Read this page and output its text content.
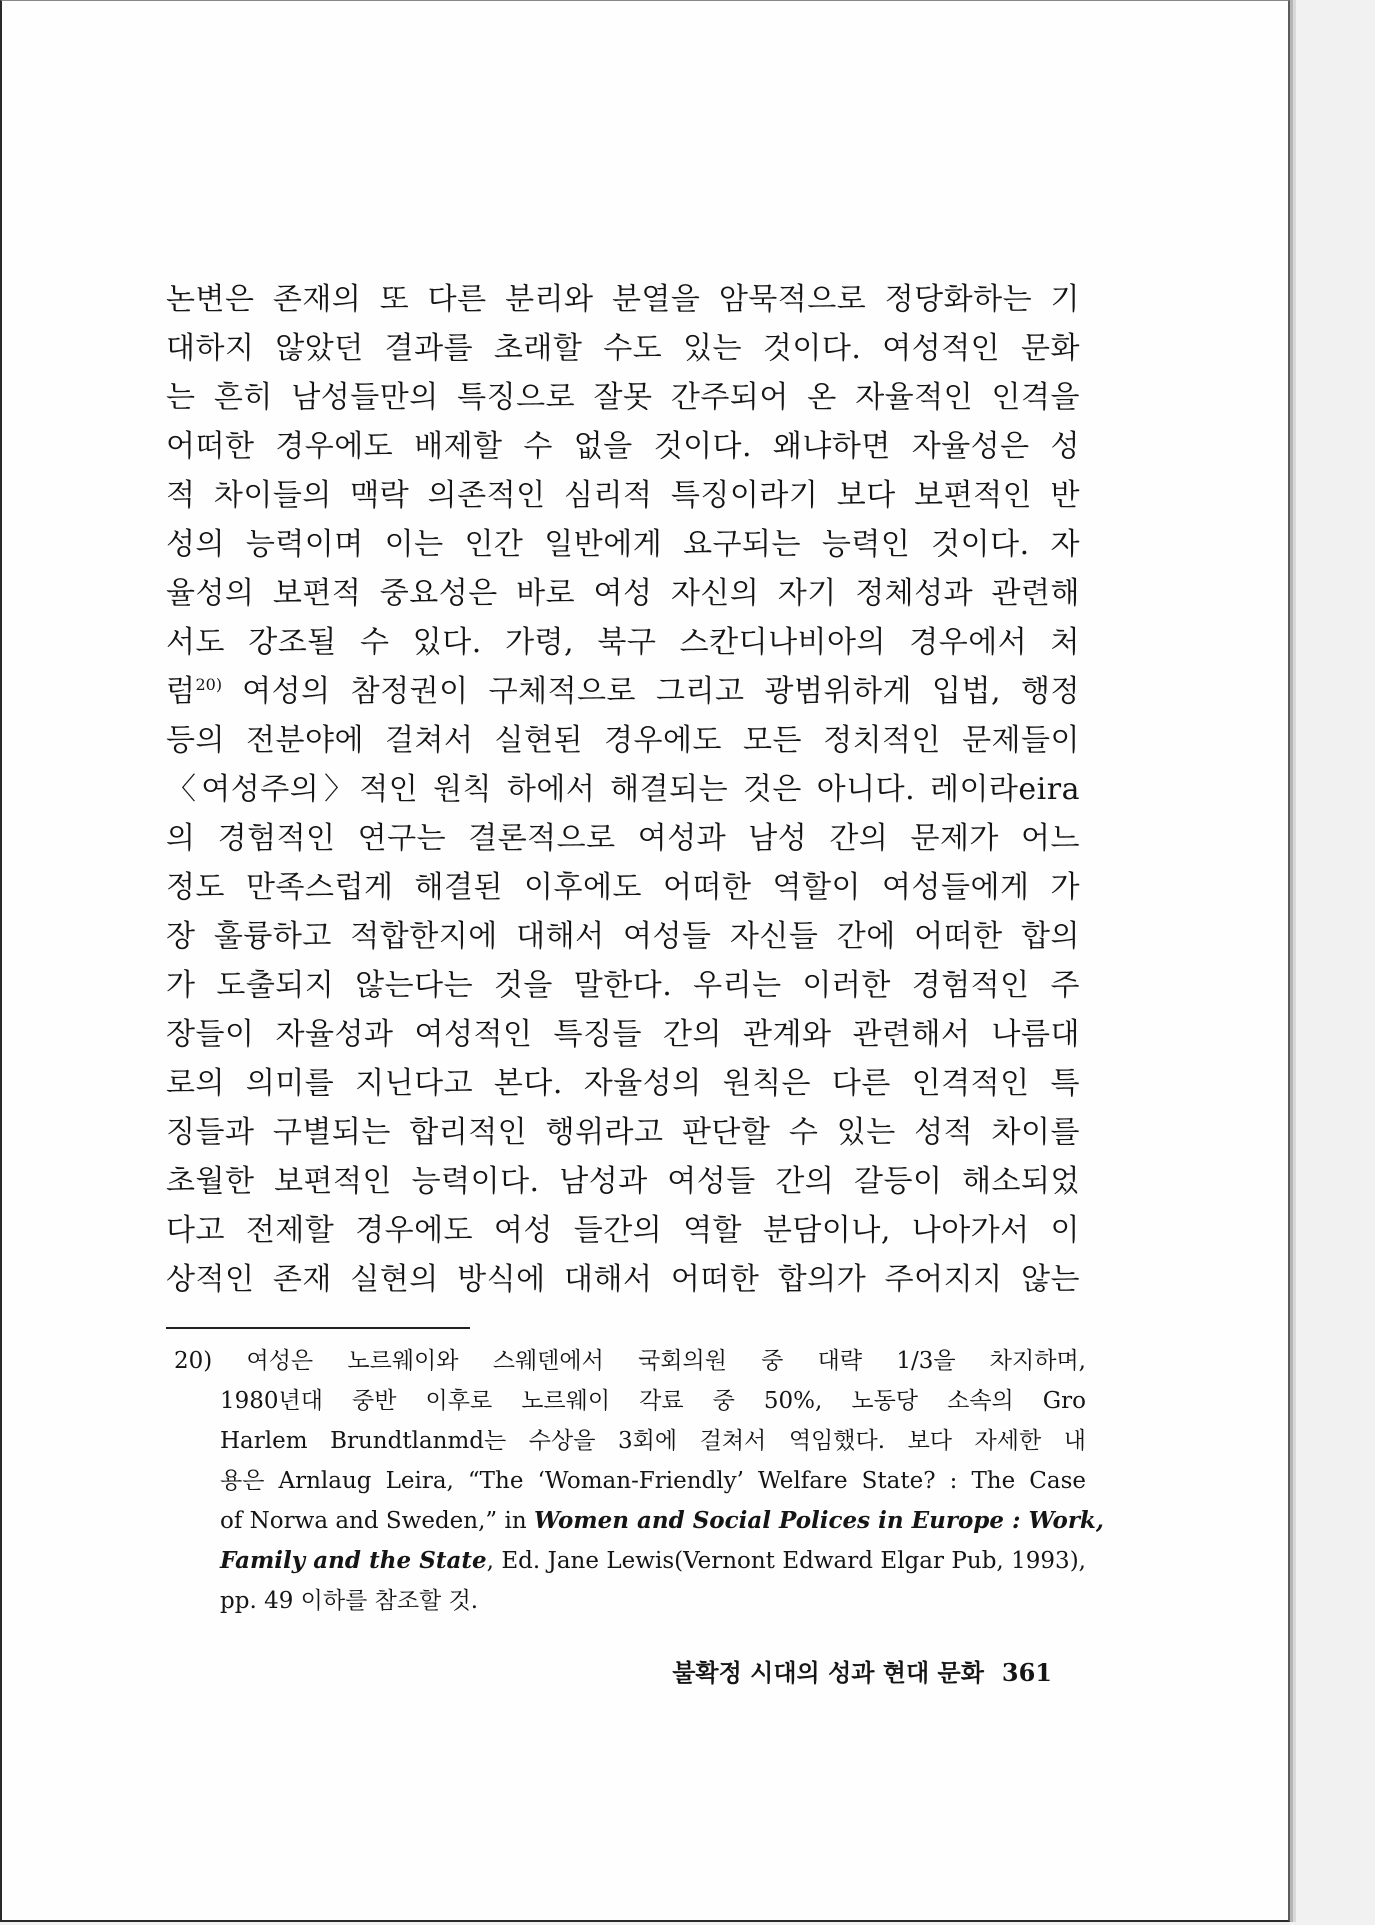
논변은 존재의 또 다른 분리와 분열을 암묵적으로 정당화하는 기
대하지 않았던 결과를 초래할 수도 있는 것이다. 여성적인 문화
는 흔히 남성들만의 특징으로 잘못 간주되어 온 자율적인 인격을
어떠한 경우에도 배제할 수 없을 것이다. 왜냐하면 자율성은 성
적 차이들의 맥락 의존적인 심리적 특징이라기 보다 보편적인 반
성의 능력이며 이는 인간 일반에게 요구되는 능력인 것이다. 자
율성의 보편적 중요성은 바로 여성 자신의 자기 정체성과 관련해
서도 강조될 수 있다. 가령, 북구 스칸디나비아의 경우에서 처
럼$^{20)}$ 여성의 참정권이 구체적으로 그리고 광범위하게 입법, 행정
등의 전분야에 걸쳐서 실현된 경우에도 모든 정치적인 문제들이
〈여성주의〉적인 원칙 하에서 해결되는 것은 아니다. 레이라eira
의 경험적인 연구는 결론적으로 여성과 남성 간의 문제가 어느
정도 만족스럽게 해결된 이후에도 어떠한 역할이 여성들에게 가
장 훌륭하고 적합한지에 대해서 여성들 자신들 간에 어떠한 합의
가 도출되지 않는다는 것을 말한다. 우리는 이러한 경험적인 주
장들이 자율성과 여성적인 특징들 간의 관계와 관련해서 나름대
로의 의미를 지닌다고 본다. 자율성의 원칙은 다른 인격적인 특
징들과 구별되는 합리적인 행위라고 판단할 수 있는 성적 차이를
초월한 보편적인 능력이다. 남성과 여성들 간의 갈등이 해소되었
다고 전제할 경우에도 여성 들간의 역할 분담이나, 나아가서 이
상적인 존재 실현의 방식에 대해서 어떠한 합의가 주어지지 않는
20) 여성은 노르웨이와 스웨덴에서 국회의원 중 대략 1/3을 차지하며,
1980년대 중반 이후로 노르웨이 각료 중 50%, 노동당 소속의 Gro
Harlem Brundtlanmd는 수상을 3회에 걸쳐서 역임했다. 보다 자세한 내
용은 Arnlaug Leira, “The ‘Woman-Friendly’ Welfare State? : The Case
of Norwa and Sweden,” in Women and Social Polices in Europe : Work,
Family and the State, Ed. Jane Lewis(Vernont Edward Elgar Pub, 1993),
pp. 49 이하를 참조할 것.
불확정 시대의 성과 현대 문화 361
